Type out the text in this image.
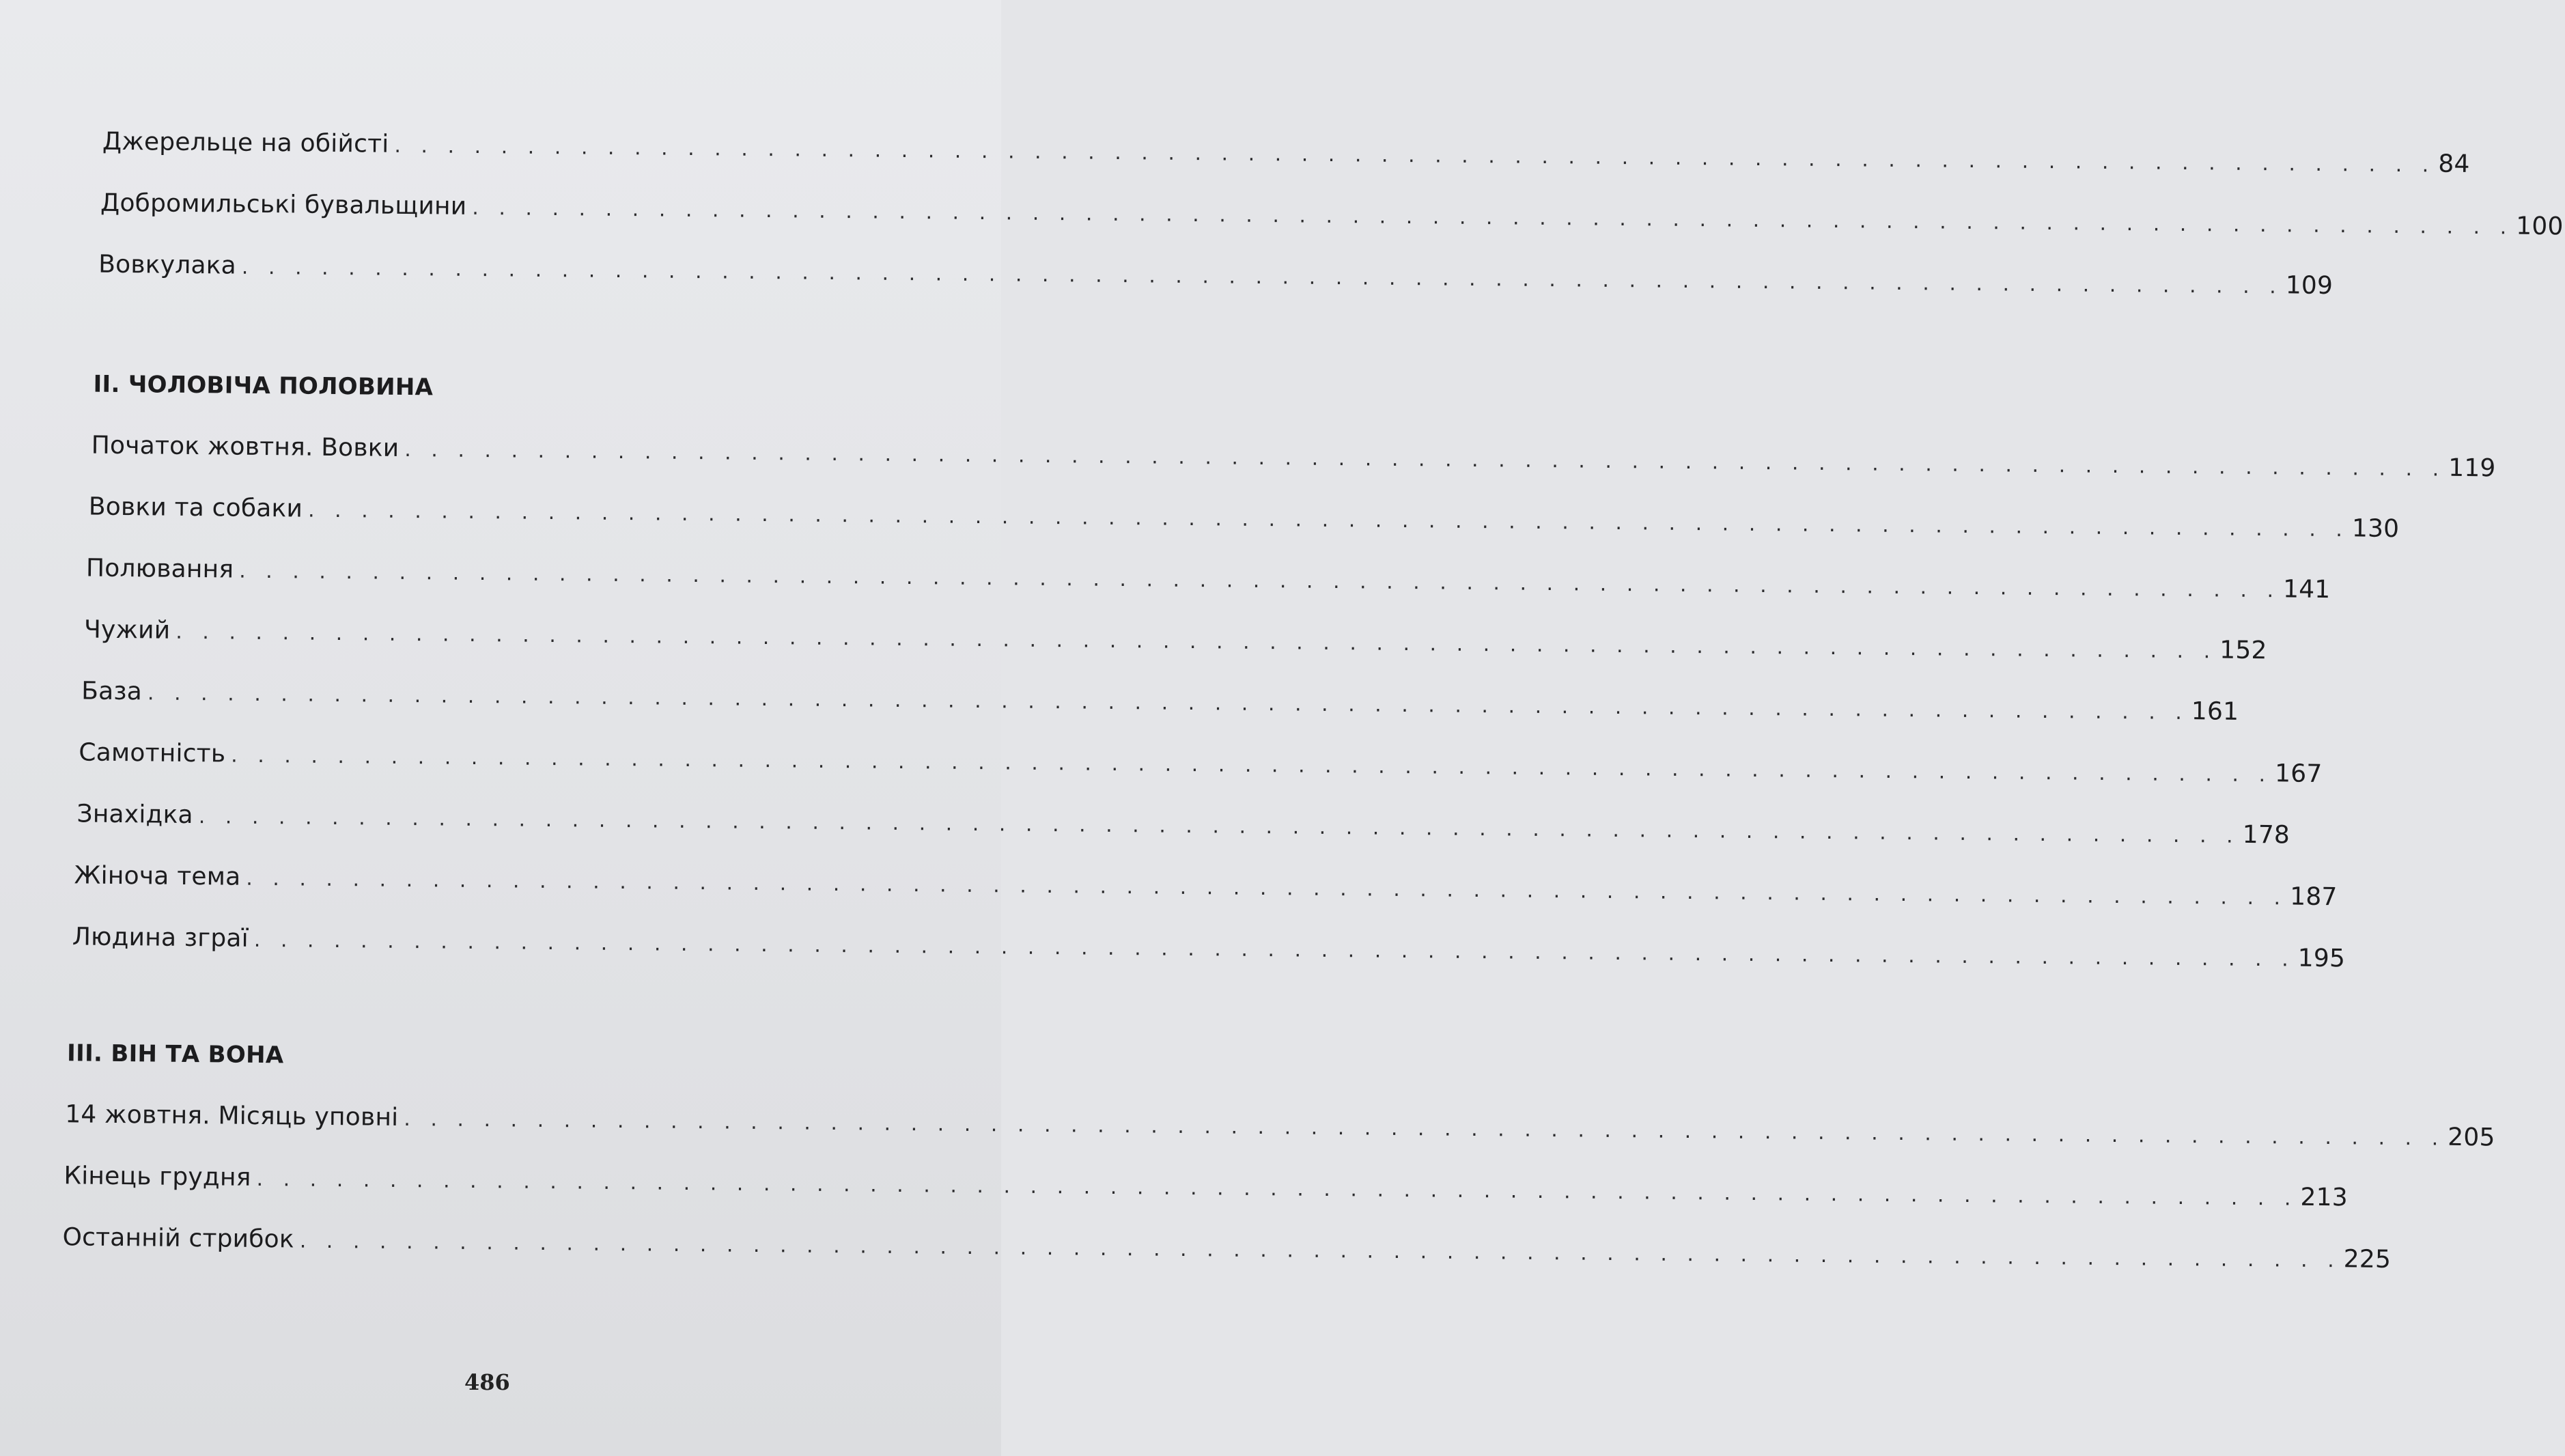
Джерельце на обійсті . . . . . . . . . . . . . . . . . . . . . . . . . . . . . . . . . . . . . . . . . . . . . . . . . . . . . . . . . . . . . . . . . . . . . . . . . . . . . 84
Добромильські бувальщини . . . . . . . . . . . . . . . . . . . . . . . . . . . . . . . . . . . . . . . . . . . . . . . . . . . . . . . . . . . . . . . . . . . . . . . . . . . . . 100
Вовкулака . . . . . . . . . . . . . . . . . . . . . . . . . . . . . . . . . . . . . . . . . . . . . . . . . . . . . . . . . . . . . . . . . . . . . . . . . . . . . 109
II. ЧОЛОВІЧА ПОЛОВИНА
Початок жовтня. Вовки . . . . . . . . . . . . . . . . . . . . . . . . . . . . . . . . . . . . . . . . . . . . . . . . . . . . . . . . . . . . . . . . . . . . . . . . . . . . . 119
Вовки та собаки . . . . . . . . . . . . . . . . . . . . . . . . . . . . . . . . . . . . . . . . . . . . . . . . . . . . . . . . . . . . . . . . . . . . . . . . . . . . . 130
Полювання . . . . . . . . . . . . . . . . . . . . . . . . . . . . . . . . . . . . . . . . . . . . . . . . . . . . . . . . . . . . . . . . . . . . . . . . . . . . . 141
Чужий . . . . . . . . . . . . . . . . . . . . . . . . . . . . . . . . . . . . . . . . . . . . . . . . . . . . . . . . . . . . . . . . . . . . . . . . . . . . . 152
База . . . . . . . . . . . . . . . . . . . . . . . . . . . . . . . . . . . . . . . . . . . . . . . . . . . . . . . . . . . . . . . . . . . . . . . . . . . . . 161
Самотність . . . . . . . . . . . . . . . . . . . . . . . . . . . . . . . . . . . . . . . . . . . . . . . . . . . . . . . . . . . . . . . . . . . . . . . . . . . . . 167
Знахідка . . . . . . . . . . . . . . . . . . . . . . . . . . . . . . . . . . . . . . . . . . . . . . . . . . . . . . . . . . . . . . . . . . . . . . . . . . . . . 178
Жіноча тема . . . . . . . . . . . . . . . . . . . . . . . . . . . . . . . . . . . . . . . . . . . . . . . . . . . . . . . . . . . . . . . . . . . . . . . . . . . . . 187
Людина зграї . . . . . . . . . . . . . . . . . . . . . . . . . . . . . . . . . . . . . . . . . . . . . . . . . . . . . . . . . . . . . . . . . . . . . . . . . . . . . 195
III. ВІН ТА ВОНА
14 жовтня. Місяць уповні . . . . . . . . . . . . . . . . . . . . . . . . . . . . . . . . . . . . . . . . . . . . . . . . . . . . . . . . . . . . . . . . . . . . . . . . . . . . . 205
Кінець грудня . . . . . . . . . . . . . . . . . . . . . . . . . . . . . . . . . . . . . . . . . . . . . . . . . . . . . . . . . . . . . . . . . . . . . . . . . . . . . 213
Останній стрибок . . . . . . . . . . . . . . . . . . . . . . . . . . . . . . . . . . . . . . . . . . . . . . . . . . . . . . . . . . . . . . . . . . . . . . . . . . . . . 225
486
